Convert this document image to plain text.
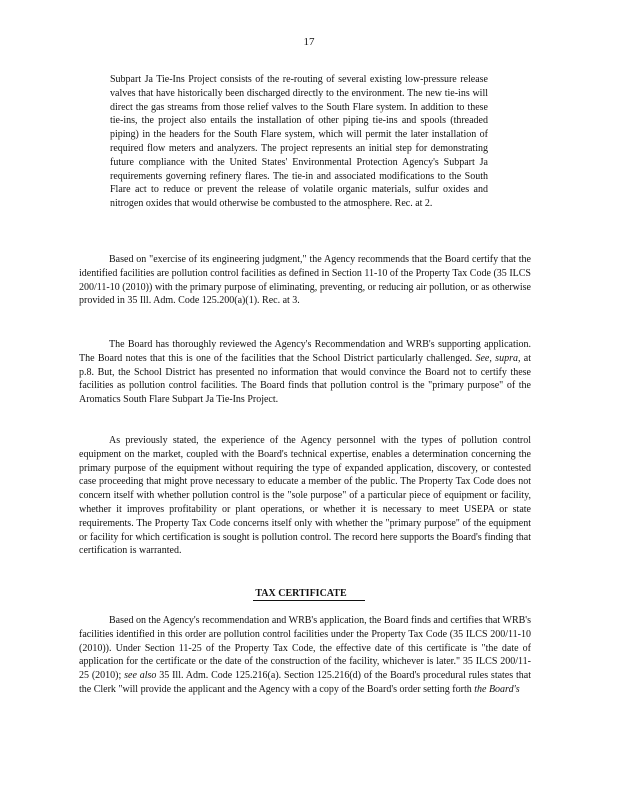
17

Subpart Ja Tie-Ins Project consists of the re-routing of several existing low-pressure release valves that have historically been discharged directly to the environment. The new tie-ins will direct the gas streams from those relief valves to the South Flare system. In addition to these tie-ins, the project also entails the installation of other piping tie-ins and spools (threaded piping) in the headers for the South Flare system, which will permit the later installation of required flow meters and analyzers. The project represents an initial step for demonstrating future compliance with the United States' Environmental Protection Agency's Subpart Ja requirements governing refinery flares. The tie-in and associated modifications to the South Flare act to reduce or prevent the release of volatile organic materials, sulfur oxides and nitrogen oxides that would otherwise be combusted to the atmosphere. Rec. at 2.

Based on "exercise of its engineering judgment," the Agency recommends that the Board certify that the identified facilities are pollution control facilities as defined in Section 11-10 of the Property Tax Code (35 ILCS 200/11-10 (2010)) with the primary purpose of eliminating, preventing, or reducing air pollution, or as otherwise provided in 35 Ill. Adm. Code 125.200(a)(1). Rec. at 3.

The Board has thoroughly reviewed the Agency's Recommendation and WRB's supporting application. The Board notes that this is one of the facilities that the School District particularly challenged. See, supra, at p.8. But, the School District has presented no information that would convince the Board not to certify these facilities as pollution control facilities. The Board finds that pollution control is the "primary purpose" of the Aromatics South Flare Subpart Ja Tie-Ins Project.

As previously stated, the experience of the Agency personnel with the types of pollution control equipment on the market, coupled with the Board's technical expertise, enables a determination concerning the primary purpose of the equipment without requiring the type of expanded application, discovery, or contested case proceeding that might prove necessary to educate a member of the public. The Property Tax Code does not concern itself with whether pollution control is the "sole purpose" of a particular piece of equipment or facility, whether it improves profitability or plant operations, or whether it is necessary to meet USEPA or state requirements. The Property Tax Code concerns itself only with whether the "primary purpose" of the equipment or facility for which certification is sought is pollution control. The record here supports the Board's finding that certification is warranted.

TAX CERTIFICATE

Based on the Agency's recommendation and WRB's application, the Board finds and certifies that WRB's facilities identified in this order are pollution control facilities under the Property Tax Code (35 ILCS 200/11-10 (2010)). Under Section 11-25 of the Property Tax Code, the effective date of this certificate is "the date of application for the certificate or the date of the construction of the facility, whichever is later." 35 ILCS 200/11-25 (2010); see also 35 Ill. Adm. Code 125.216(a). Section 125.216(d) of the Board's procedural rules states that the Clerk "will provide the applicant and the Agency with a copy of the Board's order setting forth the Board's
